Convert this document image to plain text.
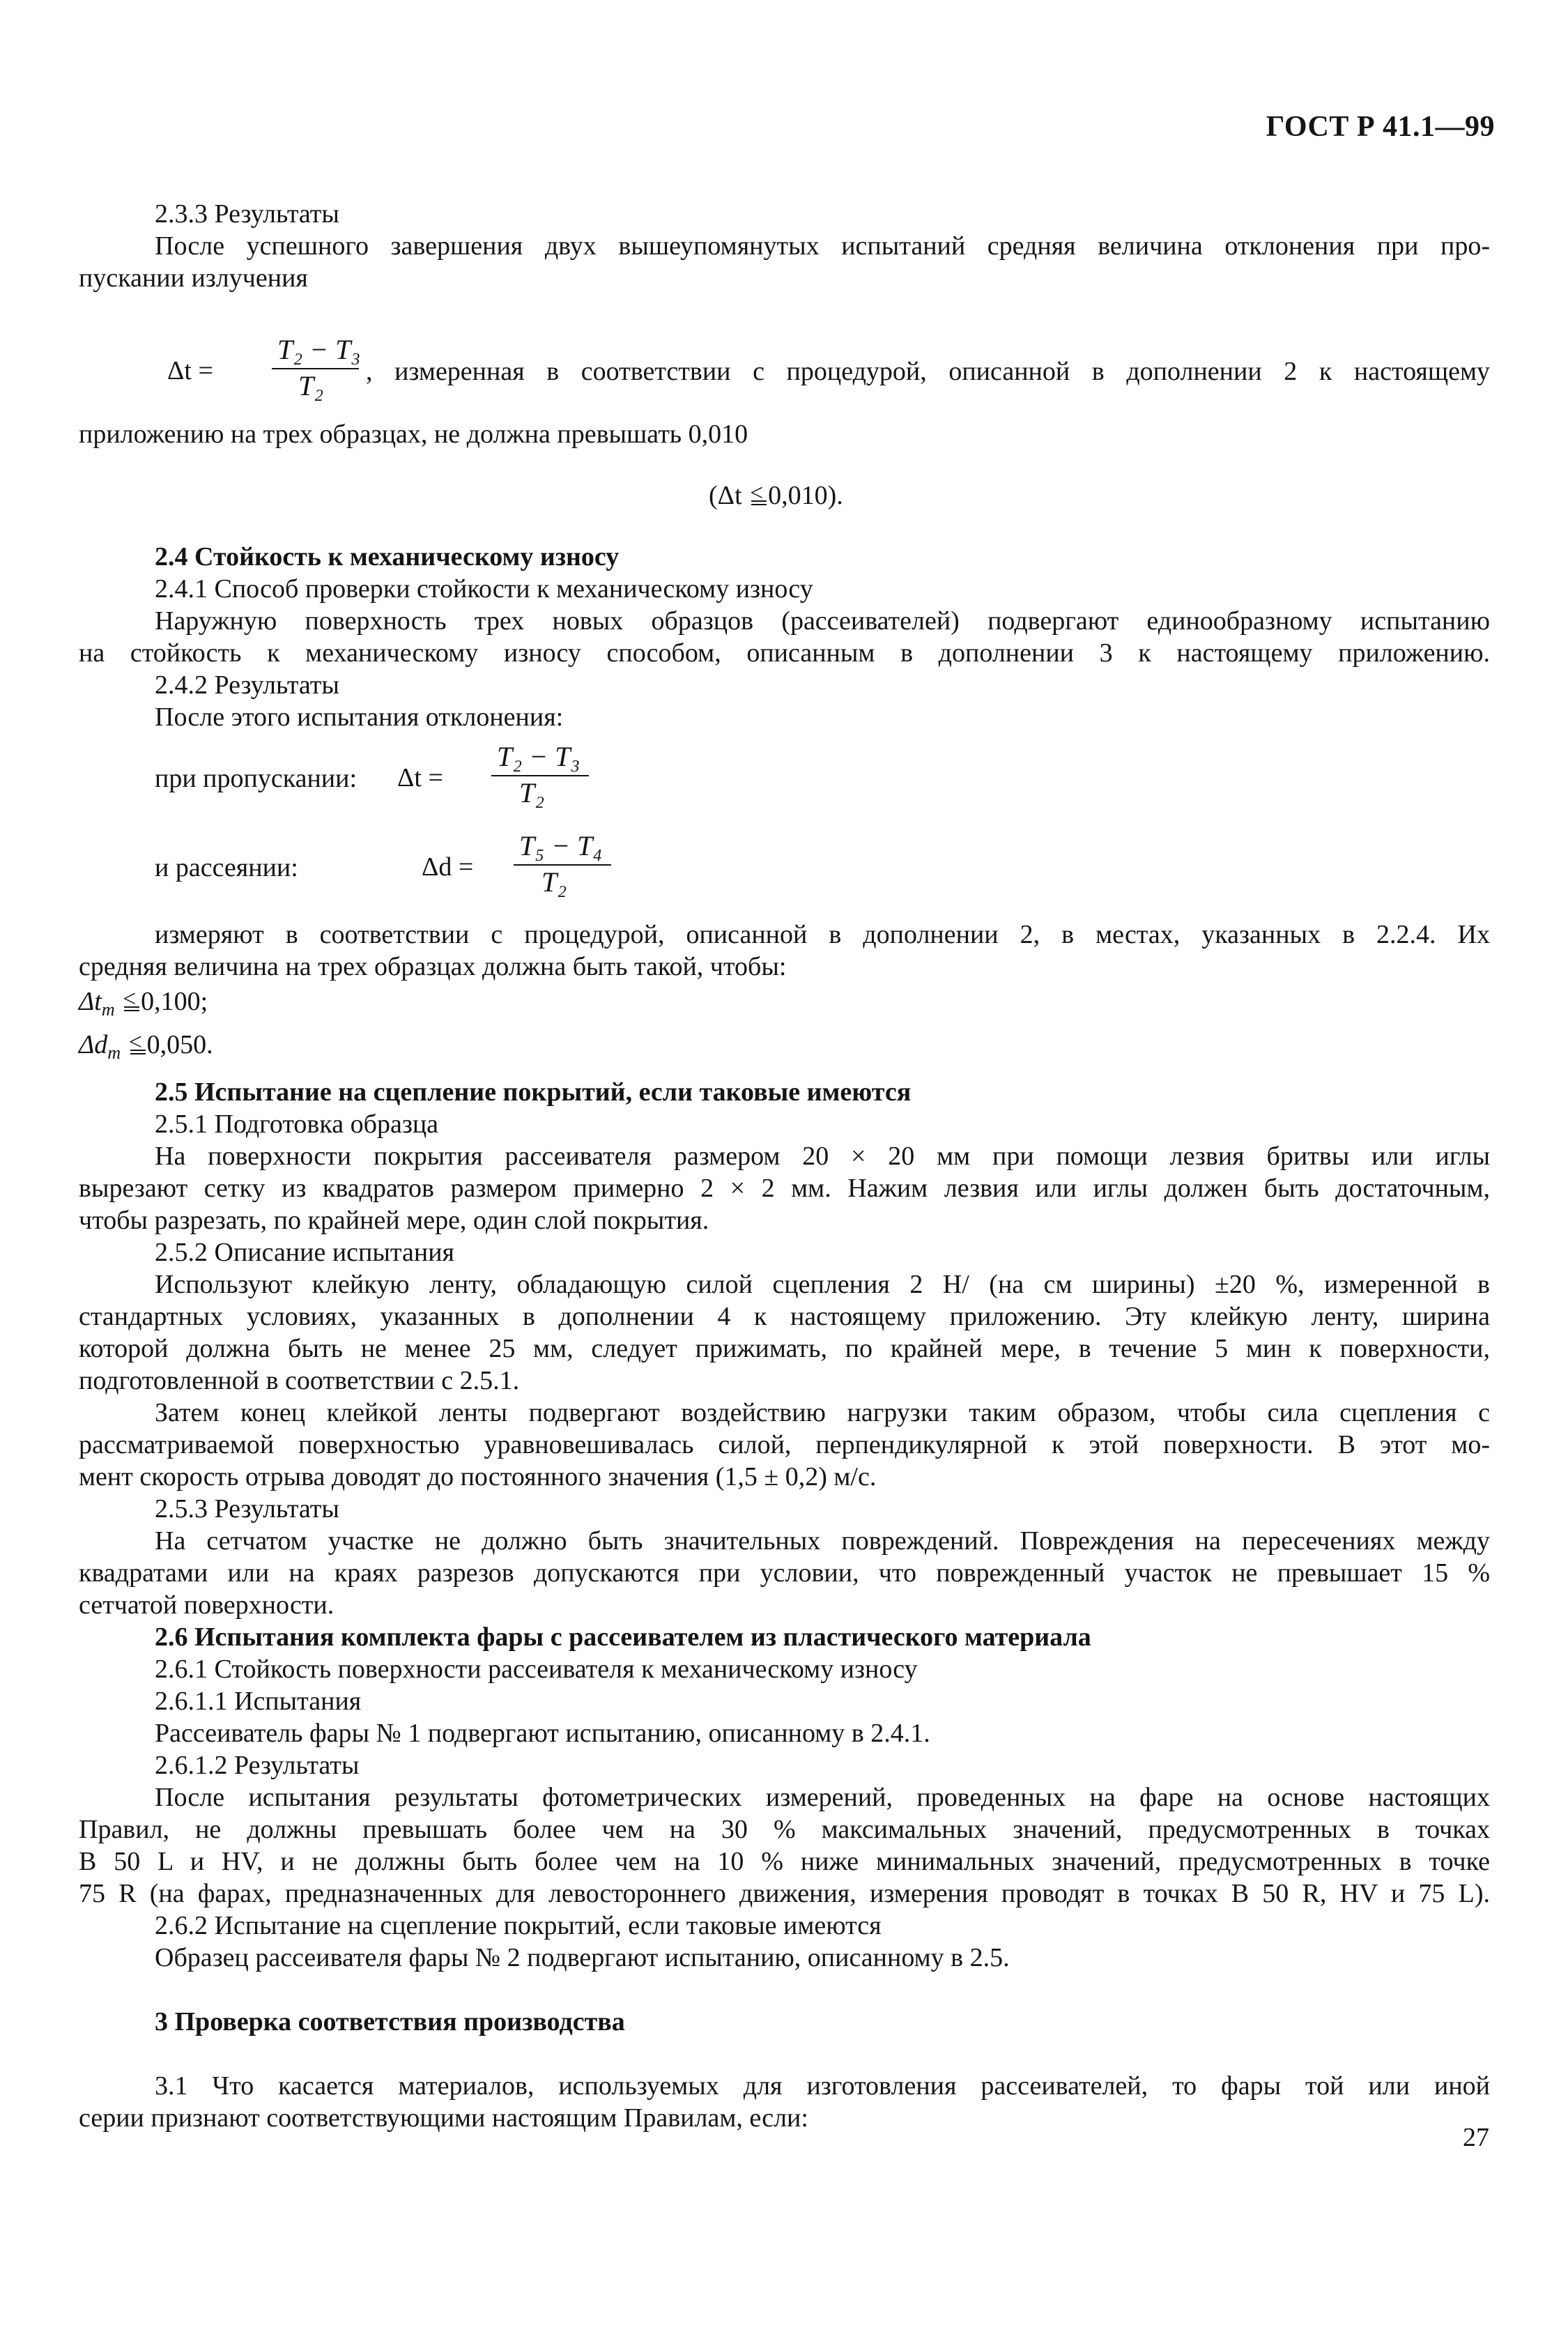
ГОСТ Р 41.1—99
2.3.3 Результаты
После успешного завершения двух вышеупомянутых испытаний средняя величина отклонения при про-
пускании излучения
Δt =
T₂ − T₃
T₂ , измеренная в соответствии с процедурой, описанной в дополнении 2 к настоящему
приложению на трех образцах, не должна превышать 0,010
(Δt < 0,010).
2.4 Стойкость к механическому износу
2.4.1 Способ проверки стойкости к механическому износу
Наружную поверхность трех новых образцов (рассеивателей) подвергают единообразному испытанию
на стойкость к механическому износу способом, описанным в дополнении 3 к настоящему приложению.
2.4.2 Результаты
После этого испытания отклонения:
при пропускании:	Δt =
T₂ − T₃
T₂
и рассеянии:	Δd =
T₅ − T₄
T₂
измеряют в соответствии с процедурой, описанной в дополнении 2, в местах, указанных в 2.2.4. Их
средняя величина на трех образцах должна быть такой, чтобы:
$\Delta t_m < 0,100$;
$\Delta d_m < 0,050$.
2.5 Испытание на сцепление покрытий, если таковые имеются
2.5.1 Подготовка образца
На поверхности покрытия рассеивателя размером 20 × 20 мм при помощи лезвия бритвы или иглы
вырезают сетку из квадратов размером примерно 2 × 2 мм. Нажим лезвия или иглы должен быть достаточным,
чтобы разрезать, по крайней мере, один слой покрытия.
2.5.2 Описание испытания
Используют клейкую ленту, обладающую силой сцепления 2 Н/ (на см ширины) ±20 %, измеренной в
стандартных условиях, указанных в дополнении 4 к настоящему приложению. Эту клейкую ленту, ширина
которой должна быть не менее 25 мм, следует прижимать, по крайней мере, в течение 5 мин к поверхности,
подготовленной в соответствии с 2.5.1.
Затем конец клейкой ленты подвергают воздействию нагрузки таким образом, чтобы сила сцепления с
рассматриваемой поверхностью уравновешивалась силой, перпендикулярной к этой поверхности. В этот мо-
мент скорость отрыва доводят до постоянного значения (1,5 ± 0,2) м/с.
2.5.3 Результаты
На сетчатом участке не должно быть значительных повреждений. Повреждения на пересечениях между
квадратами или на краях разрезов допускаются при условии, что поврежденный участок не превышает 15 %
сетчатой поверхности.
2.6 Испытания комплекта фары с рассеивателем из пластического материала
2.6.1 Стойкость поверхности рассеивателя к механическому износу
2.6.1.1 Испытания
Рассеиватель фары № 1 подвергают испытанию, описанному в 2.4.1.
2.6.1.2 Результаты
После испытания результаты фотометрических измерений, проведенных на фаре на основе настоящих
Правил, не должны превышать более чем на 30 % максимальных значений, предусмотренных в точках
B 50 L и HV, и не должны быть более чем на 10 % ниже минимальных значений, предусмотренных в точке
75 R (на фарах, предназначенных для левостороннего движения, измерения проводят в точках B 50 R, HV и 75 L).
2.6.2 Испытание на сцепление покрытий, если таковые имеются
Образец рассеивателя фары № 2 подвергают испытанию, описанному в 2.5.
3 Проверка соответствия производства
3.1 Что касается материалов, используемых для изготовления рассеивателей, то фары той или иной
серии признают соответствующими настоящим Правилам, если:
27
